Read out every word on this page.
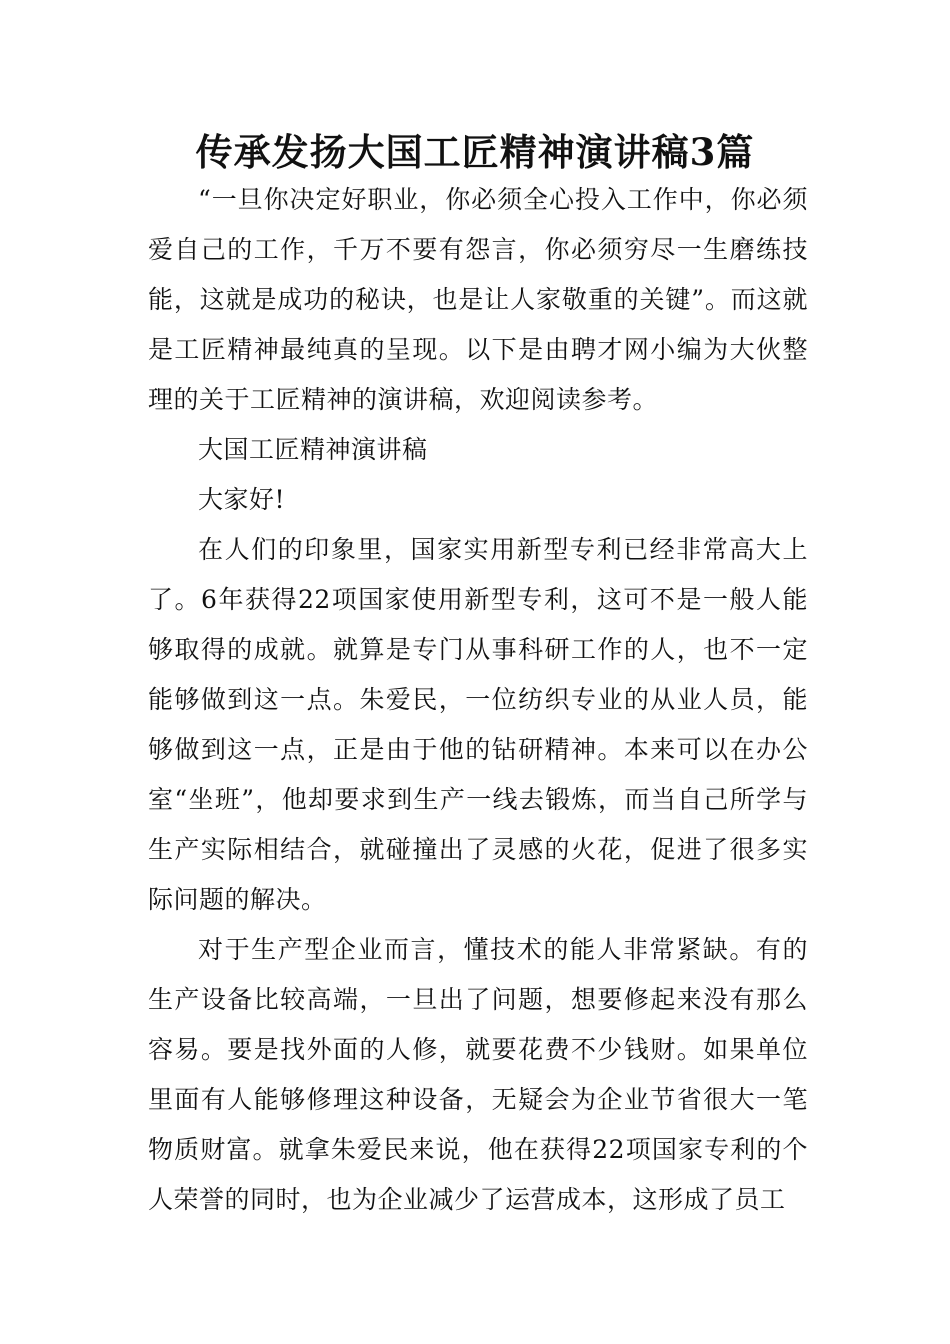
传承发扬大国工匠精神演讲稿3篇

“一旦你决定好职业，你必须全心投入工作中，你必须爱自己的工作，千万不要有怨言，你必须穷尽一生磨练技能，这就是成功的秘诀，也是让人家敬重的关键”。而这就是工匠精神最纯真的呈现。以下是由聘才网小编为大伙整理的关于工匠精神的演讲稿，欢迎阅读参考。

大国工匠精神演讲稿

大家好!

在人们的印象里，国家实用新型专利已经非常高大上了。6年获得22项国家使用新型专利，这可不是一般人能够取得的成就。就算是专门从事科研工作的人，也不一定能够做到这一点。朱爱民，一位纺织专业的从业人员，能够做到这一点，正是由于他的钻研精神。本来可以在办公室“坐班”，他却要求到生产一线去锻炼，而当自己所学与生产实际相结合，就碰撞出了灵感的火花，促进了很多实际问题的解决。

对于生产型企业而言，懂技术的能人非常紧缺。有的生产设备比较高端，一旦出了问题，想要修起来没有那么容易。要是找外面的人修，就要花费不少钱财。如果单位里面有人能够修理这种设备，无疑会为企业节省很大一笔物质财富。就拿朱爱民来说，他在获得22项国家专利的个人荣誉的同时，也为企业减少了运营成本，这形成了员工
